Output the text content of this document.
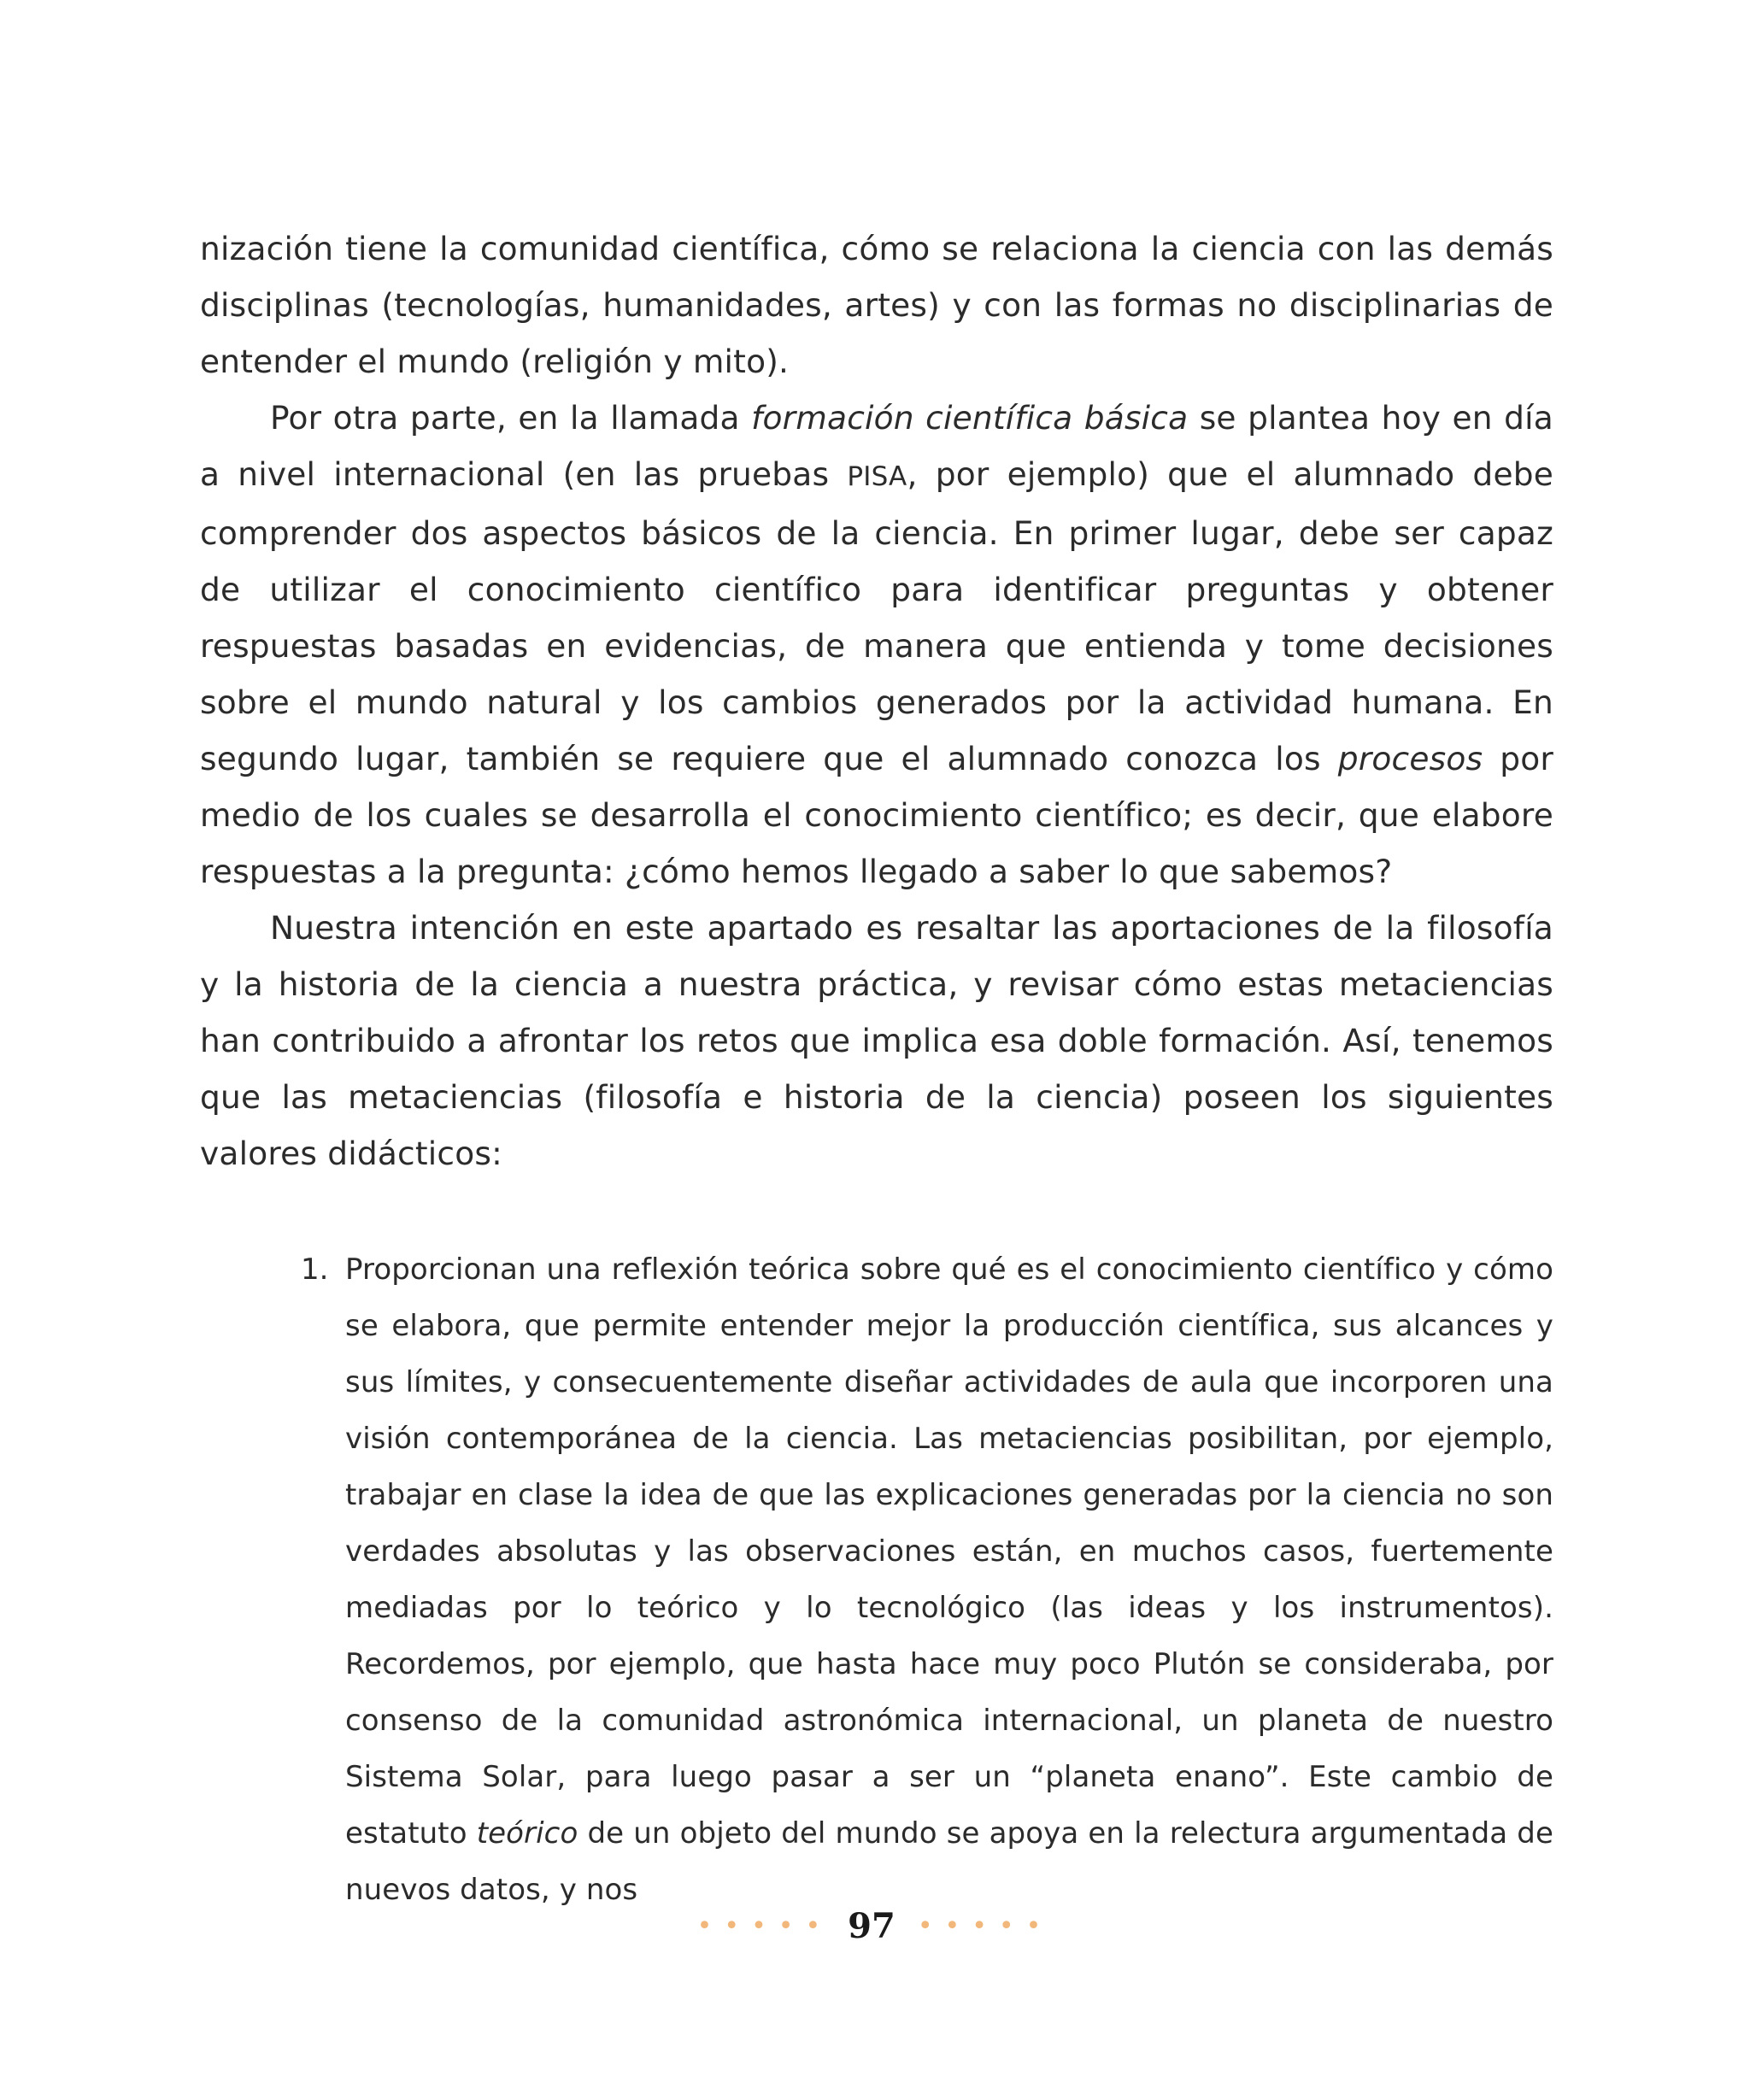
nización tiene la comunidad científica, cómo se relaciona la ciencia con las demás disciplinas (tecnologías, humanidades, artes) y con las formas no disciplinarias de entender el mundo (religión y mito).

Por otra parte, en la llamada formación científica básica se plantea hoy en día a nivel internacional (en las pruebas PISA, por ejemplo) que el alumnado debe comprender dos aspectos básicos de la ciencia. En primer lugar, debe ser capaz de utilizar el conocimiento científico para identificar preguntas y obtener respuestas basadas en evidencias, de manera que entienda y tome decisiones sobre el mundo natural y los cambios generados por la actividad humana. En segundo lugar, también se requiere que el alumnado conozca los procesos por medio de los cuales se desarrolla el conocimiento científico; es decir, que elabore respuestas a la pregunta: ¿cómo hemos llegado a saber lo que sabemos?

Nuestra intención en este apartado es resaltar las aportaciones de la filosofía y la historia de la ciencia a nuestra práctica, y revisar cómo estas metaciencias han contribuido a afrontar los retos que implica esa doble formación. Así, tenemos que las metaciencias (filosofía e historia de la ciencia) poseen los siguientes valores didácticos:

1. Proporcionan una reflexión teórica sobre qué es el conocimiento científico y cómo se elabora, que permite entender mejor la producción científica, sus alcances y sus límites, y consecuentemente diseñar actividades de aula que incorporen una visión contemporánea de la ciencia. Las metaciencias posibilitan, por ejemplo, trabajar en clase la idea de que las explicaciones generadas por la ciencia no son verdades absolutas y las observaciones están, en muchos casos, fuertemente mediadas por lo teórico y lo tecnológico (las ideas y los instrumentos). Recordemos, por ejemplo, que hasta hace muy poco Plutón se consideraba, por consenso de la comunidad astronómica internacional, un planeta de nuestro Sistema Solar, para luego pasar a ser un “planeta enano”. Este cambio de estatuto teórico de un objeto del mundo se apoya en la relectura argumentada de nuevos datos, y nos

••••• 97 •••••
